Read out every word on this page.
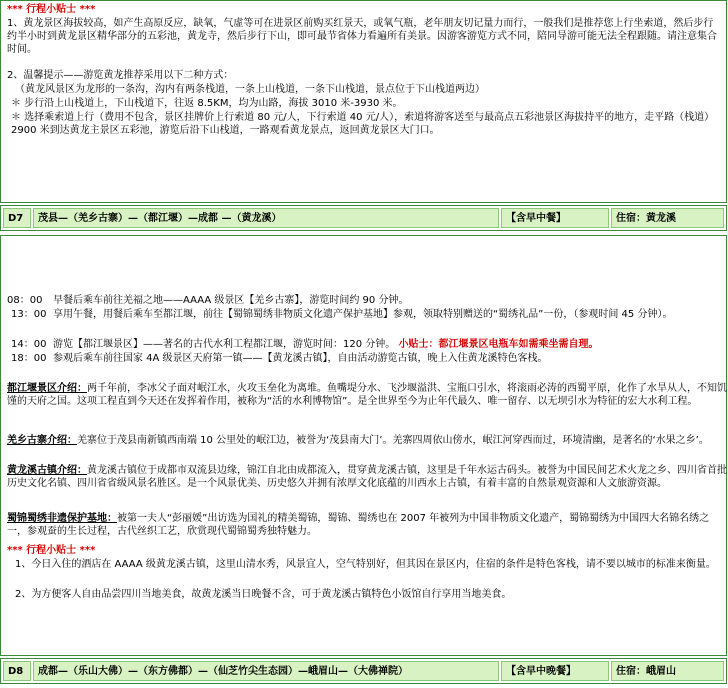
*** 行程小贴士 ***
1、黄龙景区海拔较高，如产生高原反应，缺氧，气虚等可在进景区前购买红景天，或氧气瓶，老年朋友切记量力而行，一般我们是推荐您上行坐索道，然后步行约半小时到黄龙景区精华部分的五彩池，黄龙寺，然后步行下山，即可最节省体力看遍所有美景。因游客游览方式不同，陪同导游可能无法全程跟随。请注意集合时间。
2、温馨提示——游览黄龙推荐采用以下二种方式：
（黄龙风景区为龙形的一条沟，沟内有两条栈道，一条上山栈道，一条下山栈道，景点位于下山栈道两边）
＊ 步行沿上山栈道上，下山栈道下，往返 8.5KM，均为山路，海拔 3010 米-3930 米。
＊ 选择乘索道上行（费用不包含，景区挂牌价上行索道 80 元/人，下行索道 40 元/人），索道将游客送至与最高点五彩池景区海拔持平的地方，走平路（栈道）2900 米到达黄龙主景区五彩池，游览后沿下山栈道，一路观看黄龙景点，返回黄龙景区大门口。
D7	茂县—（羌乡古寨）—（都江堰）—成都 —（黄龙溪）	【含早中餐】	住宿：黄龙溪
08：00 早餐后乘车前往羌福之地——AAAA 级景区【羌乡古寨】，游览时间约 90 分钟。
13：00 享用午餐，用餐后乘车至都江堰，前往【蜀锦蜀绣非物质文化遗产保护基地】参观，领取特别赠送的“蜀绣礼品”一份，（参观时间 45 分钟）。
14：00 游览【都江堰景区】——著名的古代水利工程都江堰，游览时间：120 分钟。 小贴士：都江堰景区电瓶车如需乘坐需自理。
18：00 参观后乘车前往国家 4A 级景区天府第一镇——【黄龙溪古镇】，自由活动游览古镇，晚上入住黄龙溪特色客栈。
都江堰景区介绍：两千年前，李冰父子面对岷江水，火攻玉垒化为离堆。鱼嘴堤分水、飞沙堰溢洪、宝瓶口引水，将滚雨必涛的西蜀平原，化作了水旱从人，不知饥馑的天府之国。这项工程直到今天还在发挥着作用，被称为“活的水利博物馆”。是全世界至今为止年代最久、唯一留存、以无坝引水为特征的宏大水利工程。
羌乡古寨介绍：羌寨位于茂县南新镇西南端 10 公里处的岷江边，被誉为‘茂县南大门’。羌寨四周依山傍水，岷江河穿西而过，环境清幽，是著名的‘水果之乡’。
黄龙溪古镇介绍：黄龙溪古镇位于成都市双流县边缘，锦江自北由成都流入，贯穿黄龙溪古镇，这里是千年水运古码头。被誉为中国民间艺术火龙之乡、四川省首批历史文化名镇、四川省省级风景名胜区。是一个风景优美、历史悠久并拥有浓厚文化底蕴的川西水上古镇，有着丰富的自然景观资源和人文旅游资源。
蜀锦蜀绣非遗保护基地：被第一夫人“彭丽媛”出访选为国礼的精美蜀锦，蜀锦、蜀绣也在 2007 年被列为中国非物质文化遗产，蜀锦蜀绣为中国四大名锦名绣之一，参观蚕的生长过程，古代丝织工艺，欣赏现代蜀锦蜀秀独特魅力。
*** 行程小贴士 ***
1、今日入住的酒店在 AAAA 级黄龙溪古镇，这里山清水秀，风景宜人，空气特别好，但其因在景区内，住宿的条件是特色客栈，请不要以城市的标准来衡量。
2、为方便客人自由品尝四川当地美食，故黄龙溪当日晚餐不含，可于黄龙溪古镇特色小饭馆自行享用当地美食。
D8	成都—（乐山大佛）—（东方佛都）—（仙芝竹尖生态园）—峨眉山—（大佛禅院）	【含早中晚餐】	住宿：峨眉山
